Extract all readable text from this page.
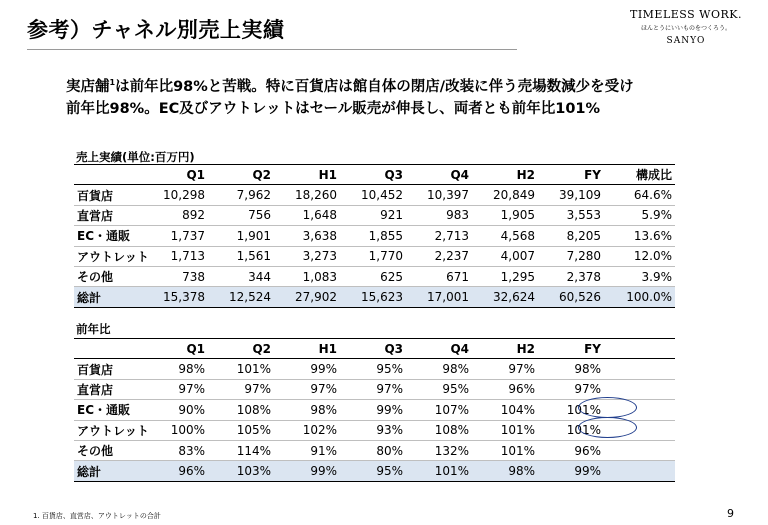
参考）チャネル別売上実績
TIMELESS WORK.
ほんとうにいいものをつくろう。
SANYO
実店舗$^1$は前年比98%と苦戦。特に百貨店は館自体の閉店/改装に伴う売場数減少を受け
前年比98%。EC及びアウトレットはセール販売が伸長し、両者とも前年比101%
売上実績(単位:百万円)
	Q1	Q2	H1	Q3	Q4	H2	FY	構成比
百貨店	10,298	7,962	18,260	10,452	10,397	20,849	39,109	64.6%
直営店	892	756	1,648	921	983	1,905	3,553	5.9%
EC・通販	1,737	1,901	3,638	1,855	2,713	4,568	8,205	13.6%
アウトレット	1,713	1,561	3,273	1,770	2,237	4,007	7,280	12.0%
その他	738	344	1,083	625	671	1,295	2,378	3.9%
総計	15,378	12,524	27,902	15,623	17,001	32,624	60,526	100.0%
前年比
	Q1	Q2	H1	Q3	Q4	H2	FY	
百貨店	98%	101%	99%	95%	98%	97%	98%	
直営店	97%	97%	97%	97%	95%	96%	97%	
EC・通販	90%	108%	98%	99%	107%	104%	101%	
アウトレット	100%	105%	102%	93%	108%	101%	101%	
その他	83%	114%	91%	80%	132%	101%	96%	
総計	96%	103%	99%	95%	101%	98%	99%	
1. 百貨店、直営店、アウトレットの合計	9
